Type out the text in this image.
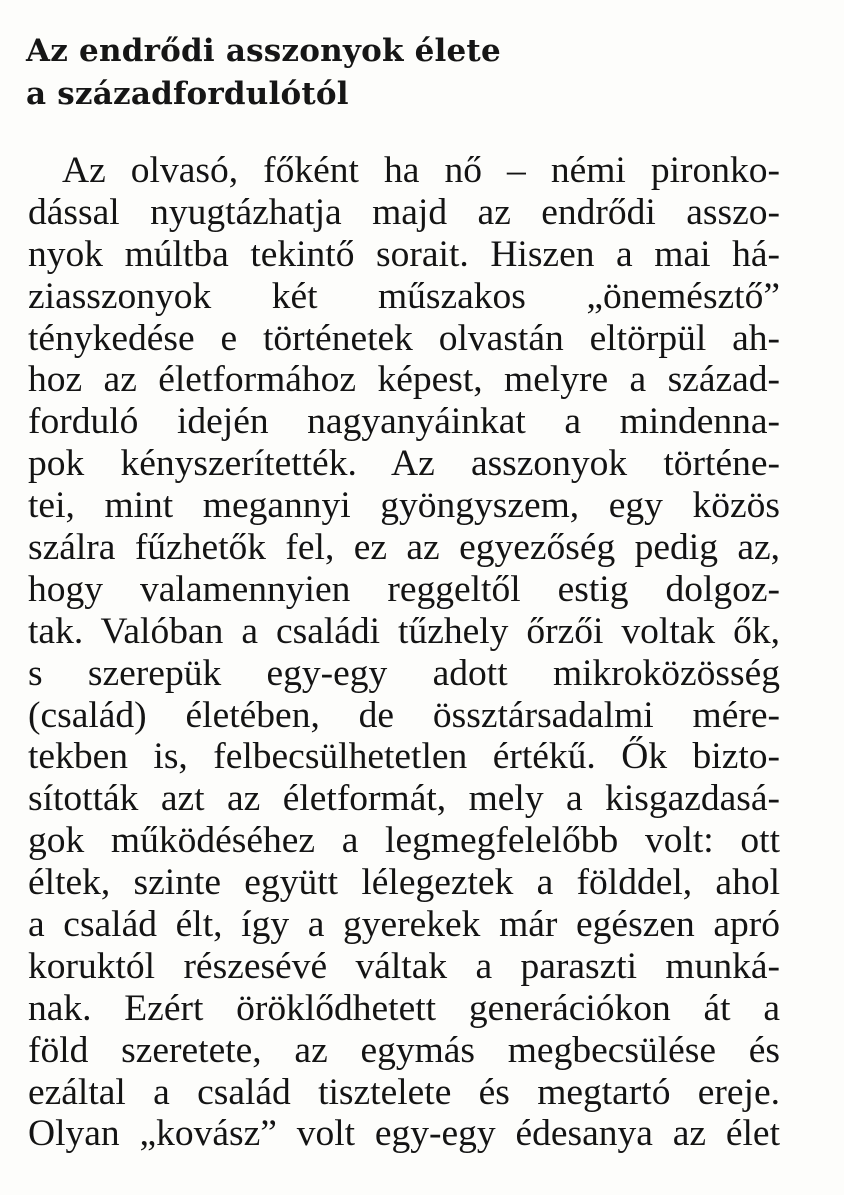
Az endrődi asszonyok élete
a századfordulótól
Az olvasó, főként ha nő – némi pironko-
dással nyugtázhatja majd az endrődi asszo-
nyok múltba tekintő sorait. Hiszen a mai há-
ziasszonyok két műszakos „önemésztő”
ténykedése e történetek olvastán eltörpül ah-
hoz az életformához képest, melyre a század-
forduló idején nagyanyáinkat a mindenna-
pok kényszerítették. Az asszonyok történe-
tei, mint megannyi gyöngyszem, egy közös
szálra fűzhetők fel, ez az egyezőség pedig az,
hogy valamennyien reggeltől estig dolgoz-
tak. Valóban a családi tűzhely őrzői voltak ők,
s szerepük egy-egy adott mikroközösség
(család) életében, de össztársadalmi mére-
tekben is, felbecsülhetetlen értékű. Ők bizto-
sították azt az életformát, mely a kisgazdasá-
gok működéséhez a legmegfelelőbb volt: ott
éltek, szinte együtt lélegeztek a földdel, ahol
a család élt, így a gyerekek már egészen apró
koruktól részesévé váltak a paraszti munká-
nak. Ezért öröklődhetett generációkon át a
föld szeretete, az egymás megbecsülése és
ezáltal a család tisztelete és megtartó ereje.
Olyan „kovász” volt egy-egy édesanya az élet
